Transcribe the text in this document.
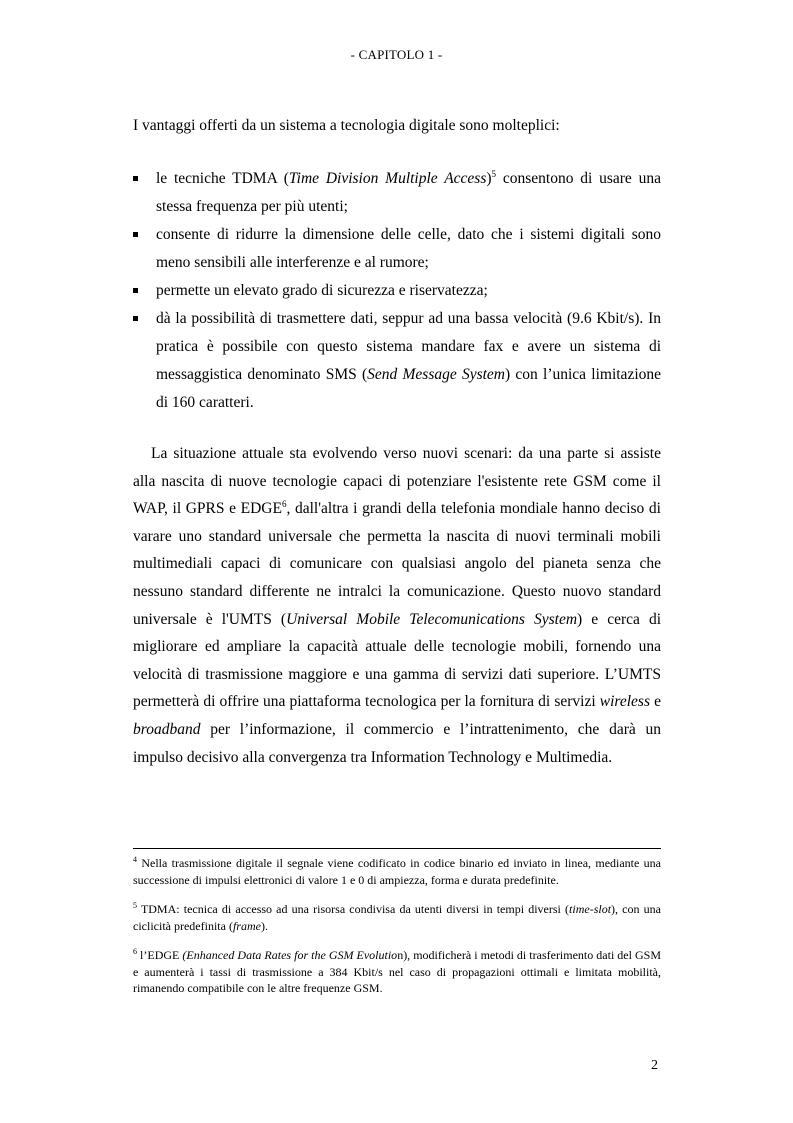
- CAPITOLO 1 -

I vantaggi offerti da un sistema a tecnologia digitale sono molteplici:

le tecniche TDMA (Time Division Multiple Access)$^5$ consentono di usare una stessa frequenza per più utenti;
consente di ridurre la dimensione delle celle, dato che i sistemi digitali sono meno sensibili alle interferenze e al rumore;
permette un elevato grado di sicurezza e riservatezza;
dà la possibilità di trasmettere dati, seppur ad una bassa velocità (9.6 Kbit/s). In pratica è possibile con questo sistema mandare fax e avere un sistema di messaggistica denominato SMS (Send Message System) con l’unica limitazione di 160 caratteri.

La situazione attuale sta evolvendo verso nuovi scenari: da una parte si assiste alla nascita di nuove tecnologie capaci di potenziare l'esistente rete GSM come il WAP, il GPRS e EDGE$^6$, dall'altra i grandi della telefonia mondiale hanno deciso di varare uno standard universale che permetta la nascita di nuovi terminali mobili multimediali capaci di comunicare con qualsiasi angolo del pianeta senza che nessuno standard differente ne intralci la comunicazione. Questo nuovo standard universale è l'UMTS (Universal Mobile Telecomunications System) e cerca di migliorare ed ampliare la capacità attuale delle tecnologie mobili, fornendo una velocità di trasmissione maggiore e una gamma di servizi dati superiore. L’UMTS permetterà di offrire una piattaforma tecnologica per la fornitura di servizi wireless e broadband per l’informazione, il commercio e l’intrattenimento, che darà un impulso decisivo alla convergenza tra Information Technology e Multimedia.

$^4$ Nella trasmissione digitale il segnale viene codificato in codice binario ed inviato in linea, mediante una successione di impulsi elettronici di valore 1 e 0 di ampiezza, forma e durata predefinite.

$^5$ TDMA: tecnica di accesso ad una risorsa condivisa da utenti diversi in tempi diversi (time-slot), con una ciclicità predefinita (frame).

$^6$ l’EDGE (Enhanced Data Rates for the GSM Evolution), modificherà i metodi di trasferimento dati del GSM e aumenterà i tassi di trasmissione a 384 Kbit/s nel caso di propagazioni ottimali e limitata mobilità, rimanendo compatibile con le altre frequenze GSM.

2
